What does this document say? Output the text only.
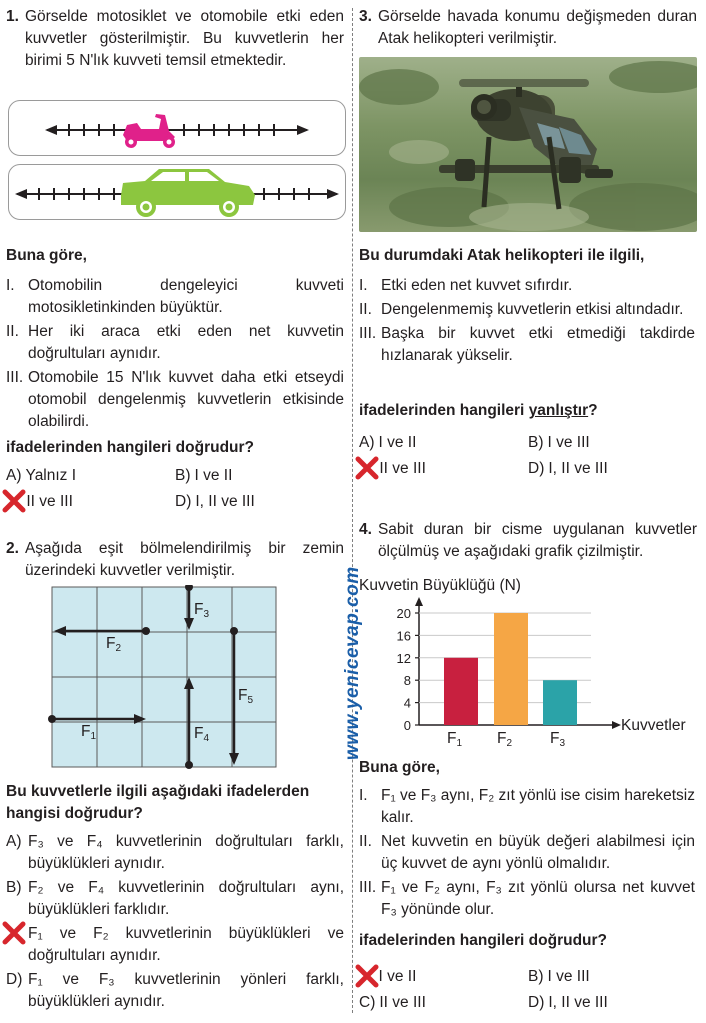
www.yenicevap.com
1. Görselde motosiklet ve otomobile etki eden kuvvetler gösterilmiştir. Bu kuvvetlerin her birimi 5 N'lık kuvveti temsil etmektedir.
Buna göre,
I. Otomobilin dengeleyici kuvveti motosikletinkinden büyüktür.
II. Her iki araca etki eden net kuvvetin doğrultuları aynıdır.
III. Otomobile 15 N'lık kuvvet daha etki etseydi otomobil dengelenmiş kuvvetlerin etkisinde olabilirdi.
ifadelerinden hangileri doğrudur?
A) Yalnız I	B) I ve II
II ve III	D) I, II ve III
2. Aşağıda eşit bölmelendirilmiş bir zemin üzerindeki kuvvetler verilmiştir.
$F_1$
$F_2$
$F_3$
$F_4$
$F_5$
Bu kuvvetlerle ilgili aşağıdaki ifadelerden hangisi doğrudur?
A) F₃ ve F₄ kuvvetlerinin doğrultuları farklı, büyüklükleri aynıdır.
B) F₂ ve F₄ kuvvetlerinin doğrultuları aynı, büyüklükleri farklıdır.
F₁ ve F₂ kuvvetlerinin büyüklükleri ve doğrultuları aynıdır.
D) F₁ ve F₃ kuvvetlerinin yönleri farklı, büyüklükleri aynıdır.
3. Görselde havada konumu değişmeden duran Atak helikopteri verilmiştir.
Bu durumdaki Atak helikopteri ile ilgili,
I. Etki eden net kuvvet sıfırdır.
II. Dengelenmemiş kuvvetlerin etkisi altındadır.
III. Başka bir kuvvet etki etmediği takdirde hızlanarak yükselir.
ifadelerinden hangileri yanlıştır?
A) I ve II	B) I ve III
II ve III	D) I, II ve III
4. Sabit duran bir cisme uygulanan kuvvetler ölçülmüş ve aşağıdaki grafik çizilmiştir.
0
4
8
12
16
20
Kuvvetin Büyüklüğü (N)
Kuvvetler
$F_1$ $F_2$ $F_3$
Buna göre,
I. F₁ ve F₃ aynı, F₂ zıt yönlü ise cisim hareketsiz kalır.
II. Net kuvvetin en büyük değeri alabilmesi için üç kuvvet de aynı yönlü olmalıdır.
III. F₁ ve F₂ aynı, F₃ zıt yönlü olursa net kuvvet F₃ yönünde olur.
ifadelerinden hangileri doğrudur?
I ve II	B) I ve III
C) II ve III	D) I, II ve III
